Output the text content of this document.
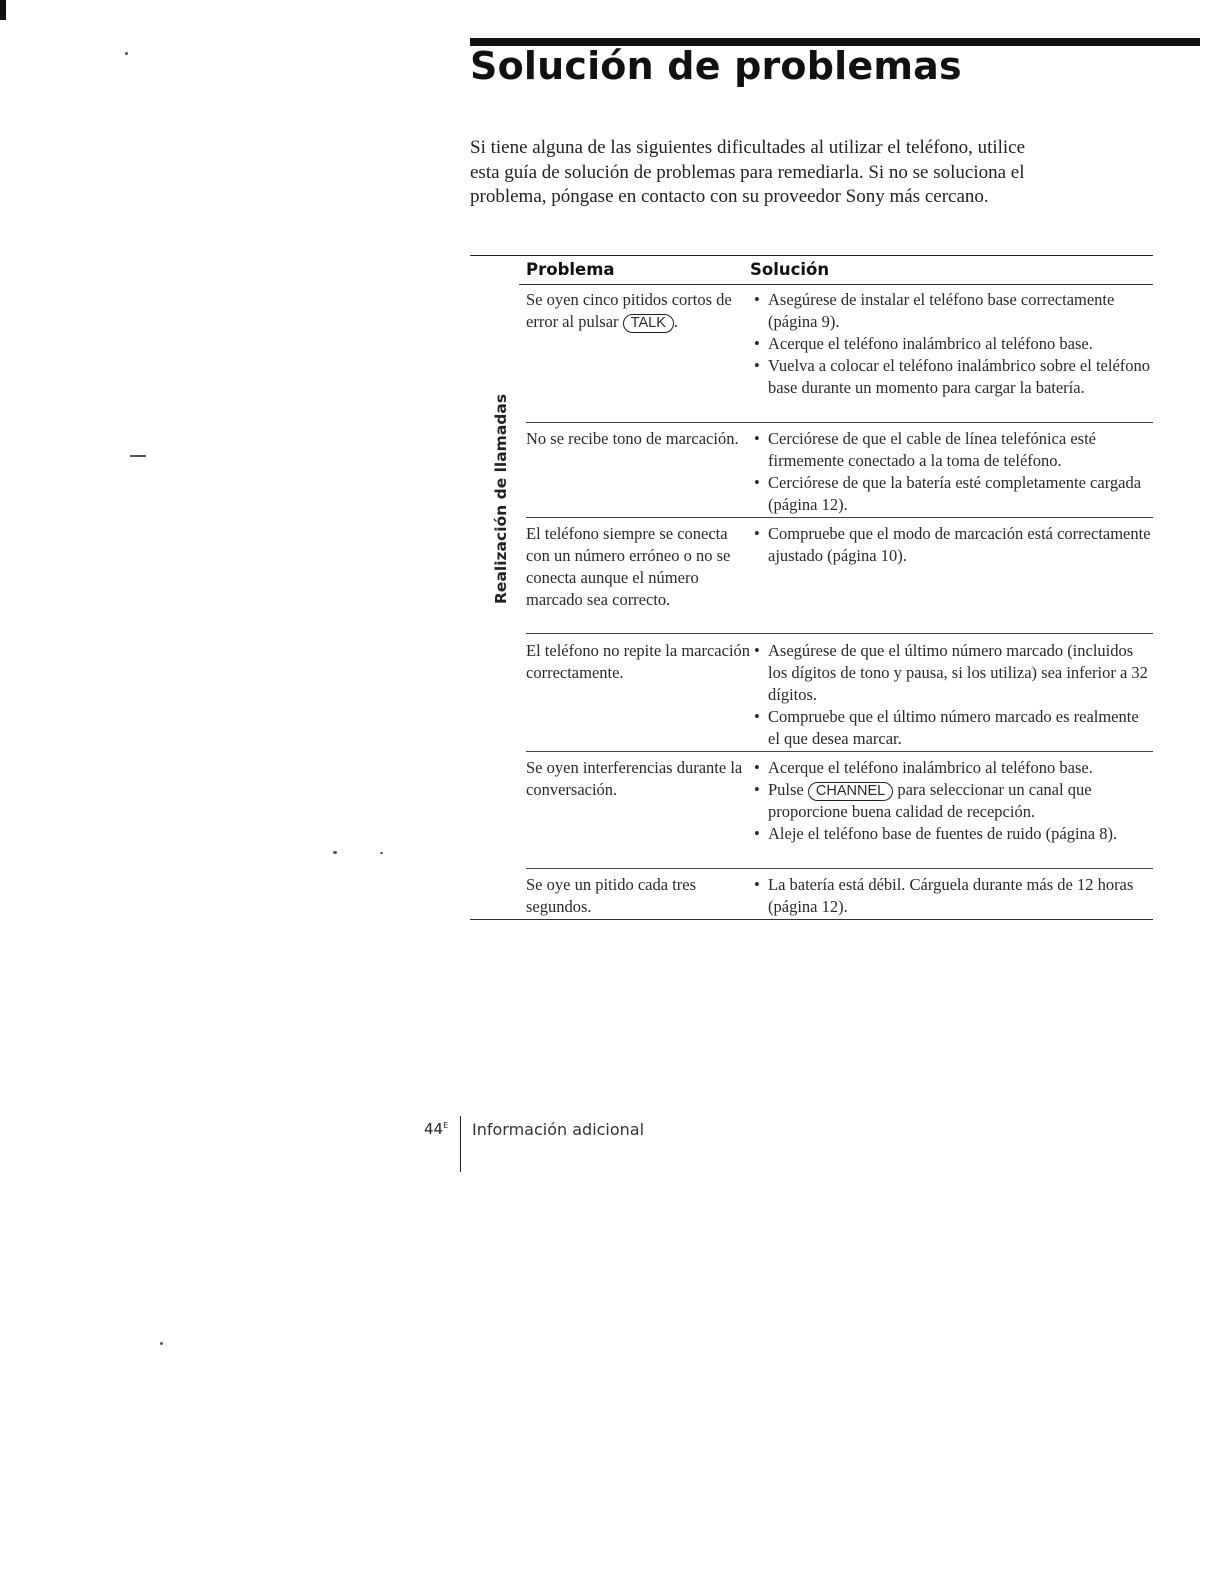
Solución de problemas

Si tiene alguna de las siguientes dificultades al utilizar el teléfono, utilice esta guía de solución de problemas para remediarla. Si no se soluciona el problema, póngase en contacto con su proveedor Sony más cercano.

Realización de llamadas
Problema	Solución
Se oyen cinco pitidos cortos de error al pulsar TALK .
• Asegúrese de instalar el teléfono base correctamente (página 9).
• Acerque el teléfono inalámbrico al teléfono base.
• Vuelva a colocar el teléfono inalámbrico sobre el teléfono base durante un momento para cargar la batería.
No se recibe tono de marcación. • Cerciórese de que el cable de línea telefónica esté firmemente conectado a la toma de teléfono.
• Cerciórese de que la batería esté completamente cargada (página 12).
El teléfono siempre se conecta con un número erróneo o no se conecta aunque el número marcado sea correcto.
• Compruebe que el modo de marcación está correctamente ajustado (página 10).
El teléfono no repite la marcación correctamente.
• Asegúrese de que el último número marcado (incluidos los dígitos de tono y pausa, si los utiliza) sea inferior a 32 dígitos.
• Compruebe que el último número marcado es realmente el que desea marcar.
Se oyen interferencias durante la conversación.
• Acerque el teléfono inalámbrico al teléfono base.
• Pulse CHANNEL para seleccionar un canal que proporcione buena calidad de recepción.
• Aleje el teléfono base de fuentes de ruido (página 8).
Se oye un pitido cada tres segundos.
• La batería está débil. Cárguela durante más de 12 horas (página 12).
$44^E$ Información adicional
